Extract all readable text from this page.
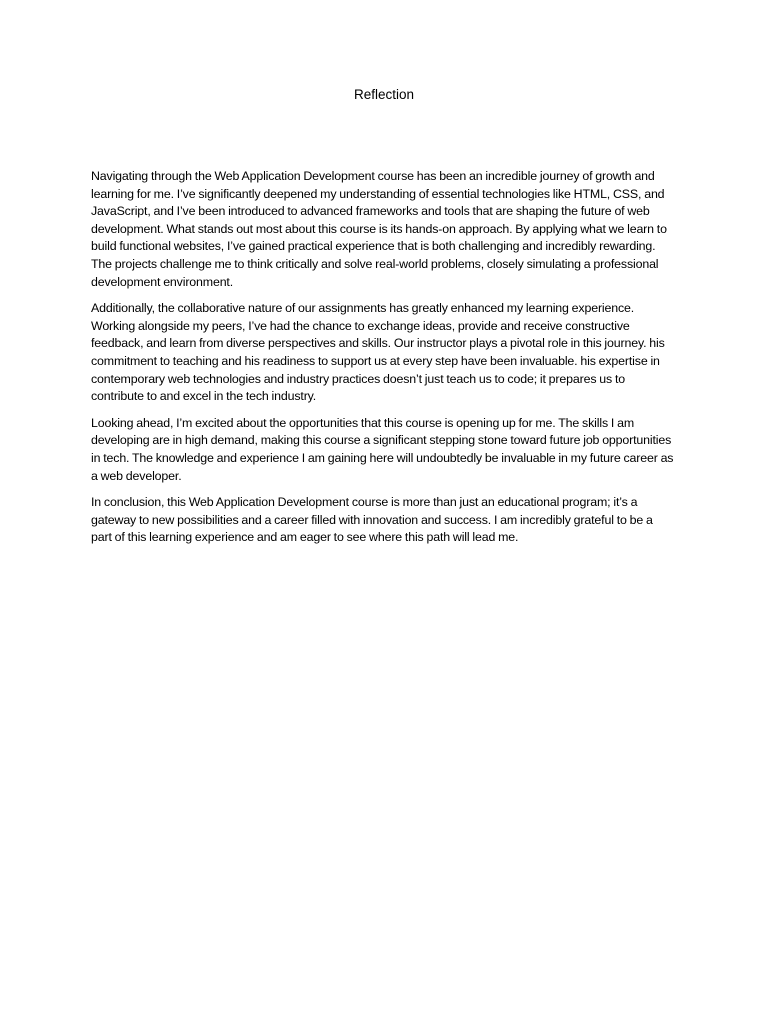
Reflection

Navigating through the Web Application Development course has been an incredible journey of growth and learning for me. I’ve significantly deepened my understanding of essential technologies like HTML, CSS, and JavaScript, and I’ve been introduced to advanced frameworks and tools that are shaping the future of web development. What stands out most about this course is its hands-on approach. By applying what we learn to build functional websites, I’ve gained practical experience that is both challenging and incredibly rewarding. The projects challenge me to think critically and solve real-world problems, closely simulating a professional development environment.

Additionally, the collaborative nature of our assignments has greatly enhanced my learning experience. Working alongside my peers, I’ve had the chance to exchange ideas, provide and receive constructive feedback, and learn from diverse perspectives and skills. Our instructor plays a pivotal role in this journey. his commitment to teaching and his readiness to support us at every step have been invaluable. his expertise in contemporary web technologies and industry practices doesn’t just teach us to code; it prepares us to contribute to and excel in the tech industry.

Looking ahead, I’m excited about the opportunities that this course is opening up for me. The skills I am developing are in high demand, making this course a significant stepping stone toward future job opportunities in tech. The knowledge and experience I am gaining here will undoubtedly be invaluable in my future career as a web developer.

In conclusion, this Web Application Development course is more than just an educational program; it’s a gateway to new possibilities and a career filled with innovation and success. I am incredibly grateful to be a part of this learning experience and am eager to see where this path will lead me.
